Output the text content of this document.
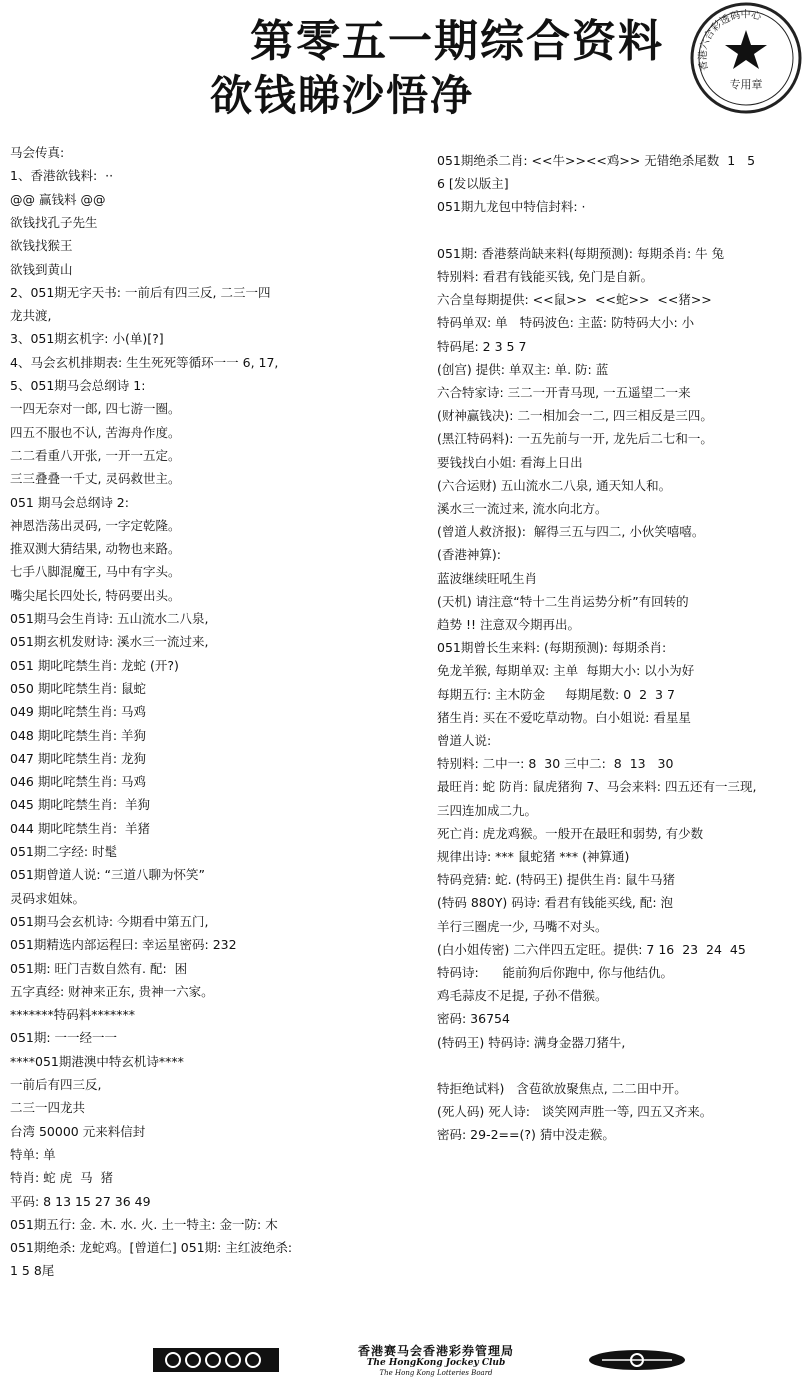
第零五一期综合资料
欲钱睇沙悟净
香港六合彩透码中心
专用章
马会传真:
1、香港欲钱料:  ··
@@ 赢钱料 @@
欲钱找孔子先生
欲钱找猴王
欲钱到黄山
2、051期无字天书: 一前后有四三反, 二三一四
龙共渡,
3、051期玄机字: 小(单)[?]
4、马会玄机排期表: 生生死死等循环一一 6, 17,
5、051期马会总纲诗 1:
一四无奈对一郎, 四七游一圈。
四五不服也不认, 苦海舟作度。
二二看重八开张, 一开一五定。
三三叠叠一千丈, 灵码救世主。
051 期马会总纲诗 2:
神恩浩荡出灵码, 一字定乾隆。
推双测大猜结果, 动物也来路。
七手八脚混魔王, 马中有字头。
嘴尖尾长四处长, 特码要出头。
051期马会生肖诗: 五山流水二八泉,
051期玄机发财诗: 溪水三一流过来,
051 期叱咤禁生肖: 龙蛇 (开?)
050 期叱咤禁生肖: 鼠蛇
049 期叱咤禁生肖: 马鸡
048 期叱咤禁生肖: 羊狗
047 期叱咤禁生肖: 龙狗
046 期叱咤禁生肖: 马鸡
045 期叱咤禁生肖:  羊狗
044 期叱咤禁生肖:  羊猪
051期二字经: 时髦
051期曾道人说: “三道八聊为怀笑”
灵码求姐妹。
051期马会玄机诗: 今期看中第五门,
051期精选内部运程曰: 幸运星密码: 232
051期: 旺门吉数自然有. 配:  困
五字真经: 财神来正东, 贵神一六家。
*******特码料*******
051期: 一一经一一
****051期港澳中特玄机诗****
一前后有四三反,
二三一四龙共
台湾 50000 元来料信封
特单: 单
特肖: 蛇 虎  马  猪
平码: 8 13 15 27 36 49
051期五行: 金. 木. 水. 火. 土一特主: 金一防: 木
051期绝杀: 龙蛇鸡。[曾道仁] 051期: 主红波绝杀:
1 5 8尾
051期绝杀二肖: <<牛>><<鸡>> 无错绝杀尾数  1   5
6 [发以版主]
051期九龙包中特信封料: ·
051期: 香港蔡尚缺来料(每期预测): 每期杀肖: 牛 兔
特别料: 看君有钱能买钱, 免门是自新。
六合皇每期提供: <<鼠>>  <<蛇>>  <<猪>>
特码单双: 单   特码波色: 主蓝: 防特码大小: 小
特码尾: 2 3 5 7
(创宫) 提供: 单双主: 单. 防: 蓝
六合特家诗: 三二一开青马现, 一五遥望二一来
(财神赢钱决): 二一相加会一二, 四三相反是三四。
(黑江特码料): 一五先前与一开, 龙先后二七和一。
要钱找白小姐: 看海上日出
(六合运财) 五山流水二八泉, 通天知人和。
溪水三一流过来, 流水向北方。
(曾道人救济报):  解得三五与四二, 小伙笑嘻嘻。
(香港神算):
蓝波继续旺吼生肖
(天机) 请注意“特十二生肖运势分析”有回转的
趋势 !! 注意双今期再出。
051期曾长生来料: (每期预测): 每期杀肖:
免龙羊猴, 每期单双: 主单  每期大小: 以小为好
每期五行: 主木防金     每期尾数: 0  2  3 7
猪生肖: 买在不爱吃草动物。白小姐说: 看星星
曾道人说:
特别料: 二中一: 8  30 三中二:  8  13   30
最旺肖: 蛇 防肖: 鼠虎猪狗 7、马会来料: 四五还有一三现,
三四连加成二九。
死亡肖: 虎龙鸡猴。一般开在最旺和弱势, 有少数
规律出诗: *** 鼠蛇猪 *** (神算通)
特码竞猜: 蛇. (特码王) 提供生肖: 鼠牛马猪
(特码 880Y) 码诗: 看君有钱能买线, 配: 泡
羊行三圈虎一少, 马嘴不对头。
(白小姐传密) 二六伴四五定旺。提供: 7 16  23  24  45
特码诗:      能前狗后你跑中, 你与他结仇。
鸡毛蒜皮不足提, 子孙不借猴。
密码: 36754
(特码王) 特码诗: 满身金器刀猪牛,
特拒绝试料)   含苞欲放聚焦点, 二二田中开。
(死人码) 死人诗:   谈笑网声胜一等, 四五又齐来。
密码: 29-2==(?) 猜中没走猴。
香港赛马会香港彩券管理局
The HongKong Jockey Club
The Hong Kong Lotteries Board
